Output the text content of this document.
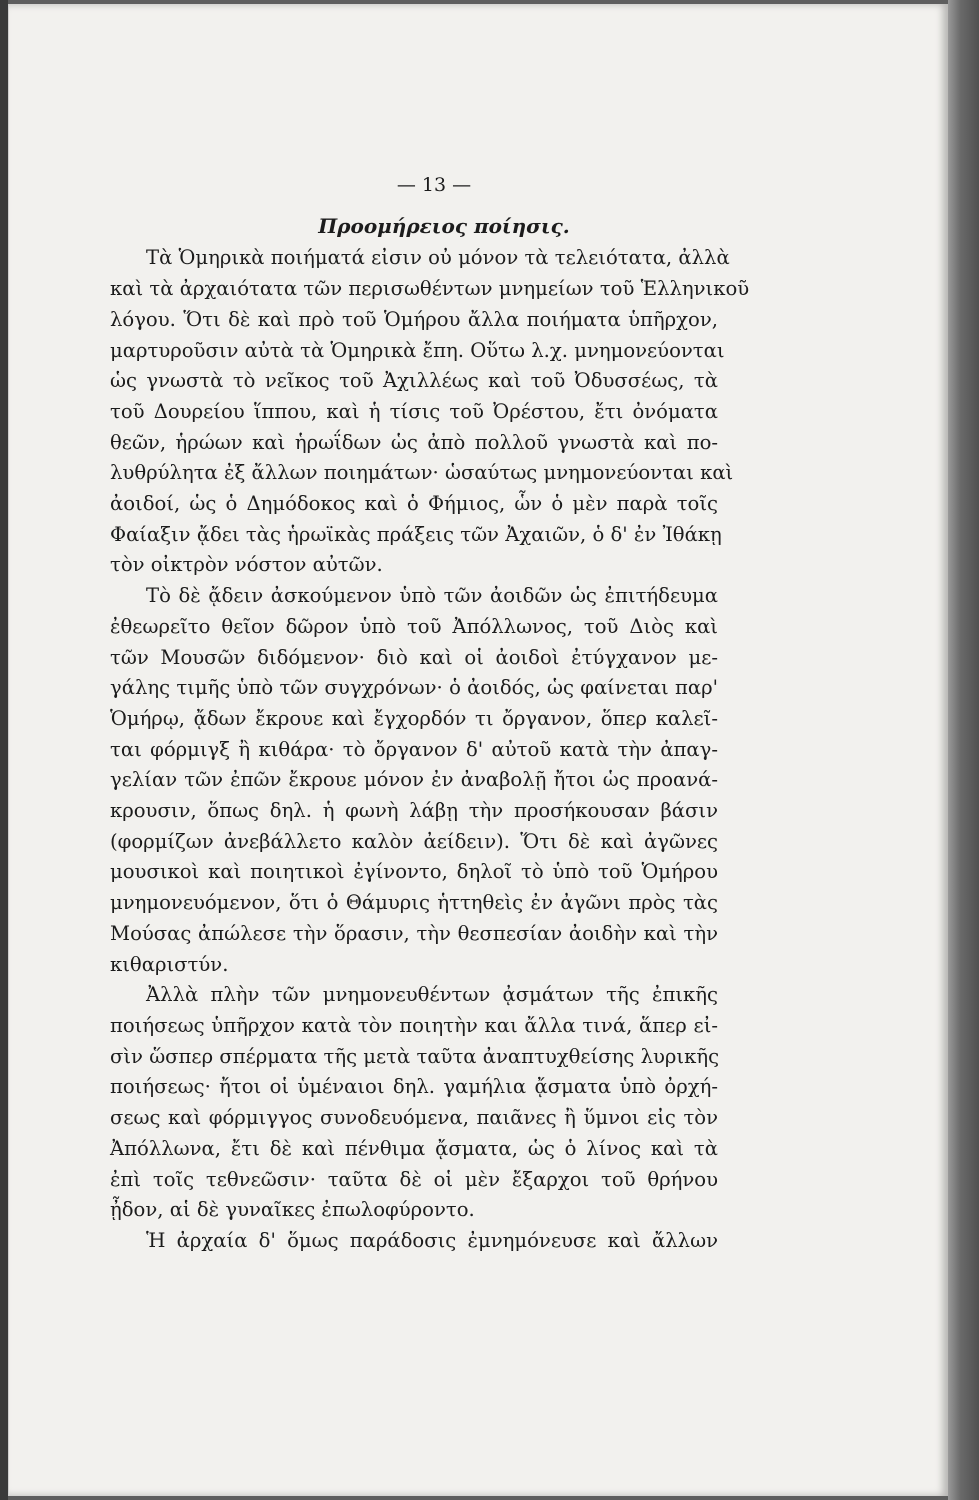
— 13 —
Προομήρειος ποίησις.
Τὰ Ὁμηρικὰ ποιήματά εἰσιν οὐ μόνον τὰ τελειότατα, ἀλλὰ
καὶ τὰ ἀρχαιότατα τῶν περισωθέντων μνημείων τοῦ Ἑλληνικοῦ
λόγου. Ὅτι δὲ καὶ πρὸ τοῦ Ὁμήρου ἄλλα ποιήματα ὑπῆρχον,
μαρτυροῦσιν αὐτὰ τὰ Ὁμηρικὰ ἔπη. Οὕτω λ.χ. μνημονεύονται
ὡς γνωστὰ τὸ νεῖκος τοῦ Ἀχιλλέως καὶ τοῦ Ὀδυσσέως, τὰ
τοῦ Δουρείου ἵππου, καὶ ἡ τίσις τοῦ Ὀρέστου, ἔτι ὀνόματα
θεῶν, ἡρώων καὶ ἡρωΐδων ὡς ἀπὸ πολλοῦ γνωστὰ καὶ πο-
λυθρύλητα ἐξ ἄλλων ποιημάτων· ὡσαύτως μνημονεύονται καὶ
ἀοιδοί, ὡς ὁ Δημόδοκος καὶ ὁ Φήμιος, ὧν ὁ μὲν παρὰ τοῖς
Φαίαξιν ᾄδει τὰς ἡρωϊκὰς πράξεις τῶν Ἀχαιῶν, ὁ δ' ἐν Ἰθάκῃ
τὸν οἰκτρὸν νόστον αὐτῶν.
Τὸ δὲ ᾄδειν ἀσκούμενον ὑπὸ τῶν ἀοιδῶν ὡς ἐπιτήδευμα
ἐθεωρεῖτο θεῖον δῶρον ὑπὸ τοῦ Ἀπόλλωνος, τοῦ Διὸς καὶ
τῶν Μουσῶν διδόμενον· διὸ καὶ οἱ ἀοιδοὶ ἐτύγχανον με-
γάλης τιμῆς ὑπὸ τῶν συγχρόνων· ὁ ἀοιδός, ὡς φαίνεται παρ'
Ὁμήρῳ, ᾄδων ἔκρουε καὶ ἔγχορδόν τι ὄργανον, ὅπερ καλεῖ-
ται φόρμιγξ ἢ κιθάρα· τὸ ὄργανον δ' αὐτοῦ κατὰ τὴν ἀπαγ-
γελίαν τῶν ἐπῶν ἔκρουε μόνον ἐν ἀναβολῇ ἤτοι ὡς προανά-
κρουσιν, ὅπως δηλ. ἡ φωνὴ λάβῃ τὴν προσήκουσαν βάσιν
(φορμίζων ἀνεβάλλετο καλὸν ἀείδειν). Ὅτι δὲ καὶ ἀγῶνες
μουσικοὶ καὶ ποιητικοὶ ἐγίνοντο, δηλοῖ τὸ ὑπὸ τοῦ Ὁμήρου
μνημονευόμενον, ὅτι ὁ Θάμυρις ἡττηθεὶς ἐν ἀγῶνι πρὸς τὰς
Μούσας ἀπώλεσε τὴν ὅρασιν, τὴν θεσπεσίαν ἀοιδὴν καὶ τὴν
κιθαριστύν.
Ἀλλὰ πλὴν τῶν μνημονευθέντων ᾀσμάτων τῆς ἐπικῆς
ποιήσεως ὑπῆρχον κατὰ τὸν ποιητὴν και ἄλλα τινά, ἅπερ εἰ-
σὶν ὥσπερ σπέρματα τῆς μετὰ ταῦτα ἀναπτυχθείσης λυρικῆς
ποιήσεως· ἤτοι οἱ ὑμέναιοι δηλ. γαμήλια ᾄσματα ὑπὸ ὀρχή-
σεως καὶ φόρμιγγος συνοδευόμενα, παιᾶνες ἢ ὕμνοι εἰς τὸν
Ἀπόλλωνα, ἔτι δὲ καὶ πένθιμα ᾄσματα, ὡς ὁ λίνος καὶ τὰ
ἐπὶ τοῖς τεθνεῶσιν· ταῦτα δὲ οἱ μὲν ἔξαρχοι τοῦ θρήνου
ᾖδον, αἱ δὲ γυναῖκες ἐπωλοφύροντο.
Ἡ ἀρχαία δ' ὅμως παράδοσις ἐμνημόνευσε καὶ ἄλλων
